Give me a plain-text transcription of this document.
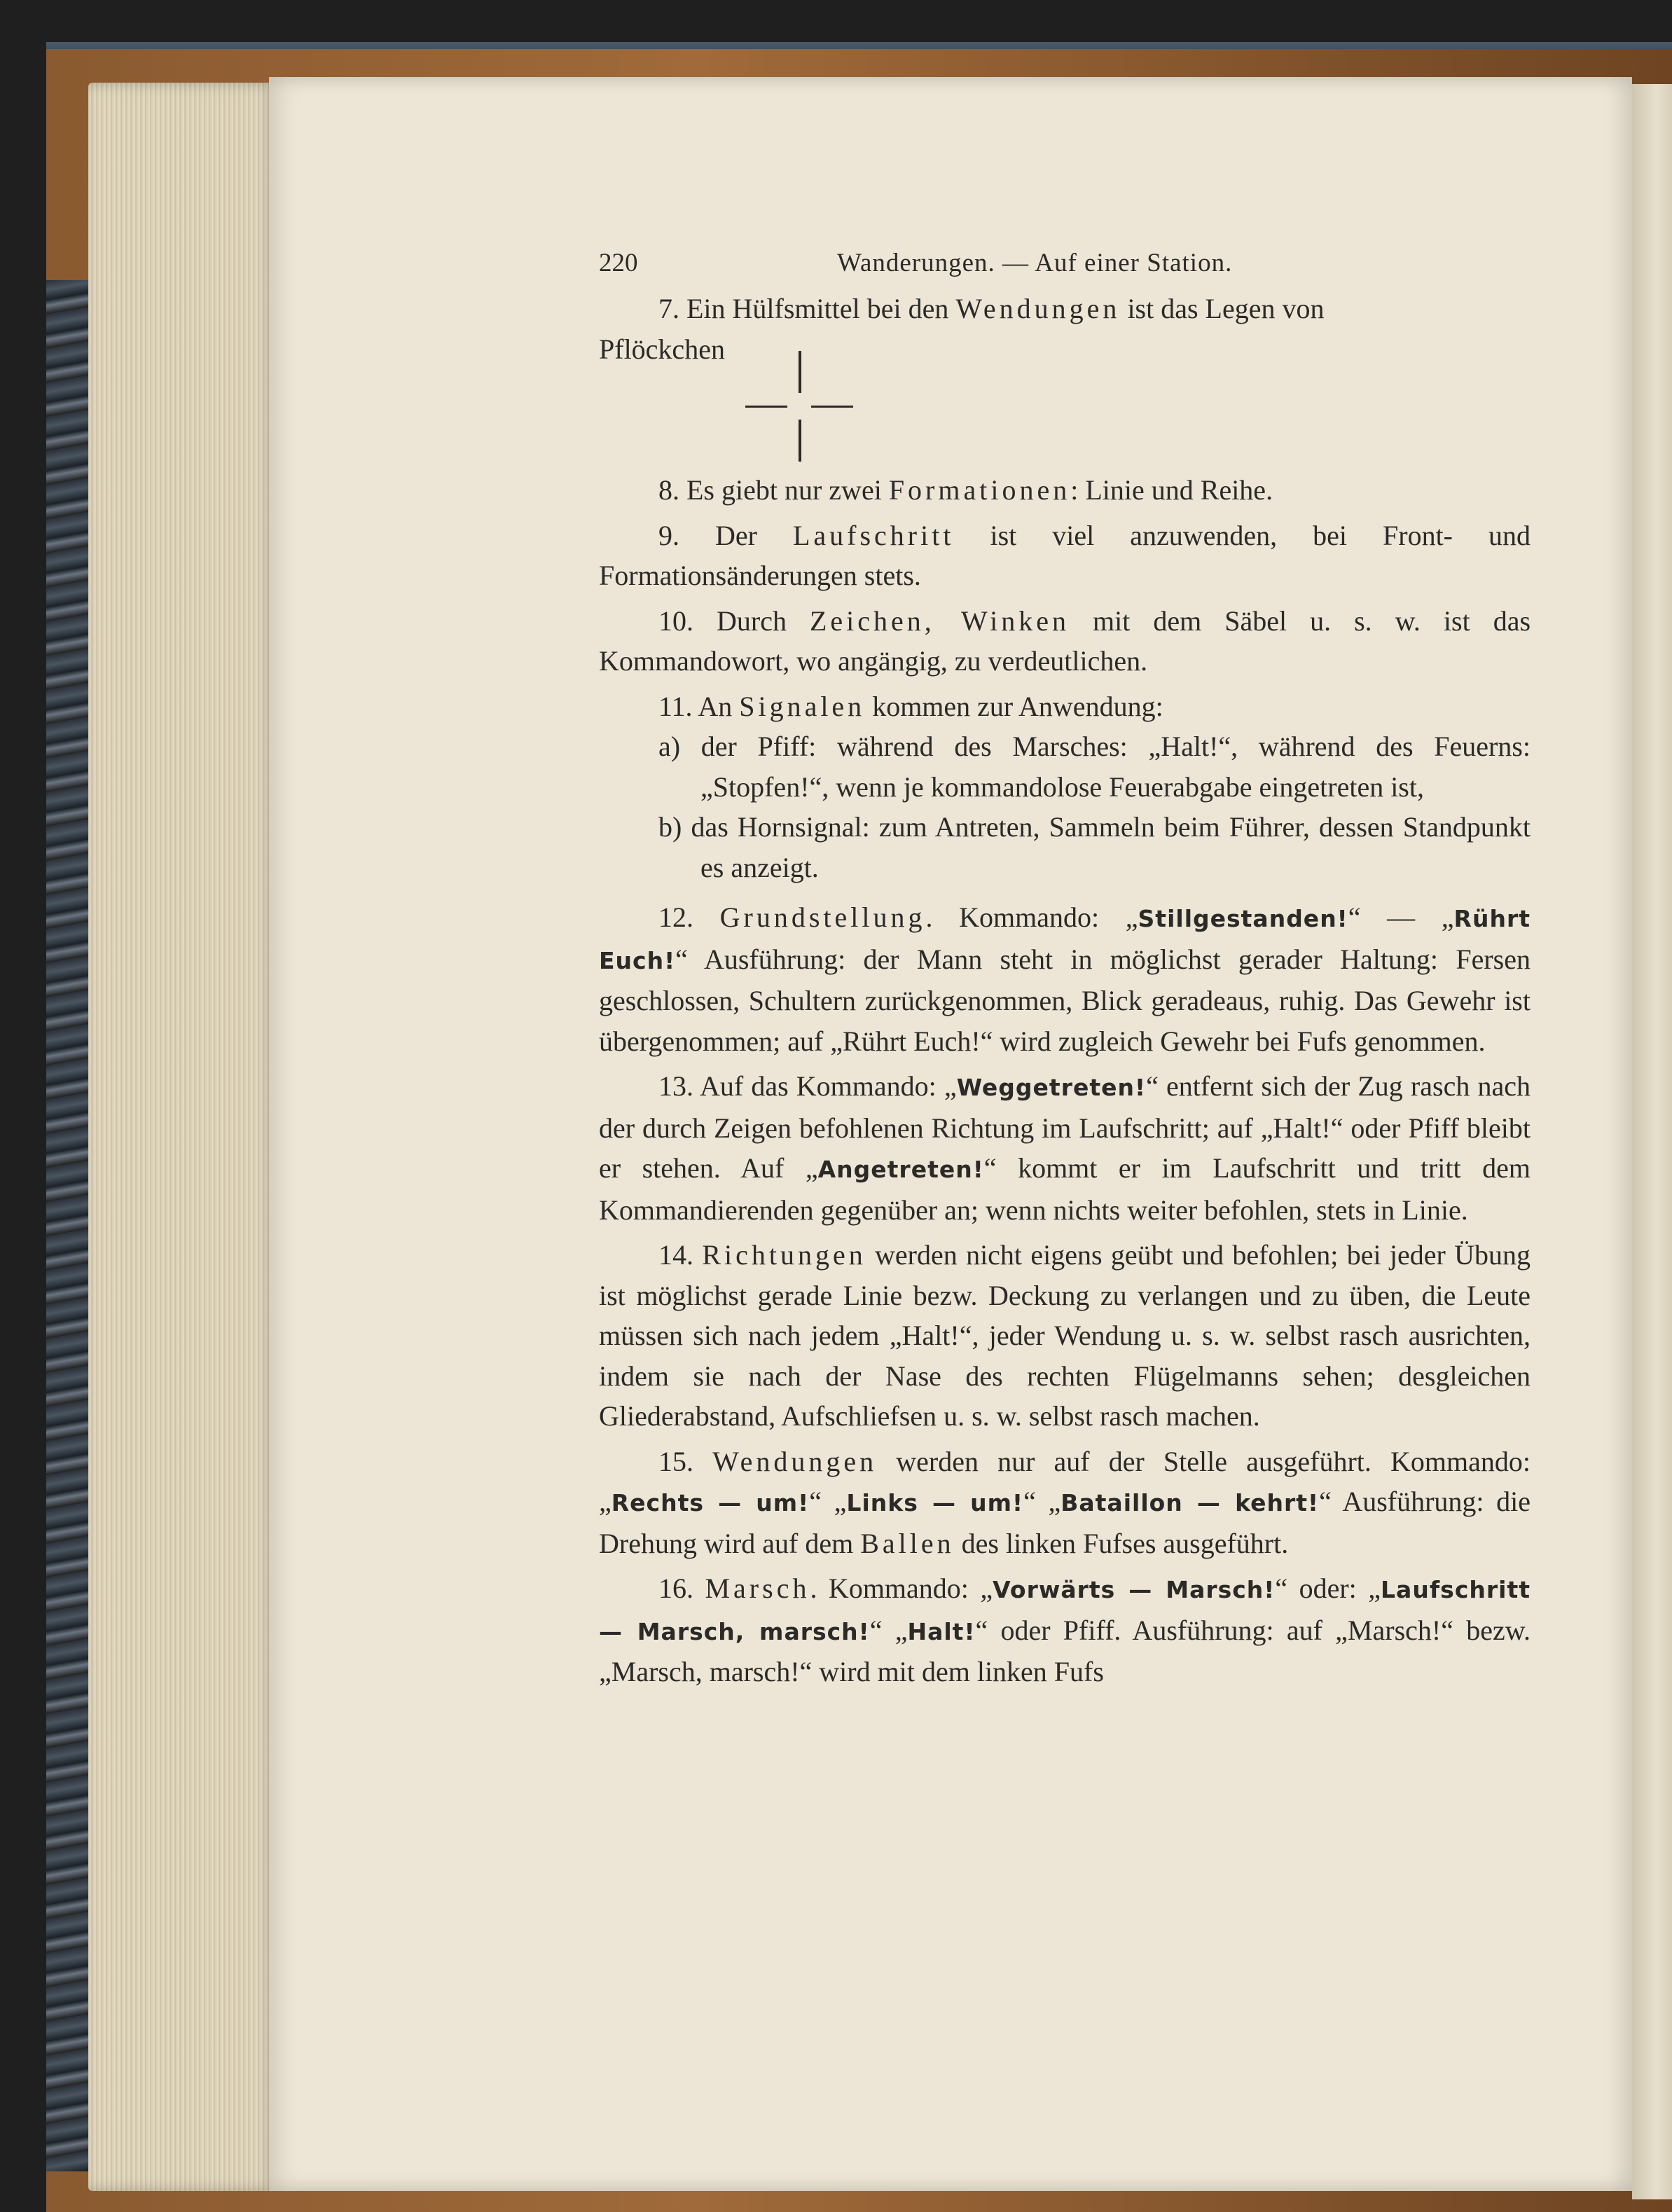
220	Wanderungen. — Auf einer Station.

7. Ein Hülfsmittel bei den Wendungen ist das Legen von

Pflöckchen

8. Es giebt nur zwei Formationen: Linie und Reihe.

9. Der Laufschritt ist viel anzuwenden, bei Front- und Formationsänderungen stets.

10. Durch Zeichen, Winken mit dem Säbel u. s. w. ist das Kommandowort, wo angängig, zu verdeutlichen.

11. An Signalen kommen zur Anwendung:

a) der Pfiff: während des Marsches: „Halt!“, während des Feuerns: „Stopfen!“, wenn je kommandolose Feuerabgabe eingetreten ist,

b) das Hornsignal: zum Antreten, Sammeln beim Führer, dessen Standpunkt es anzeigt.

12. Grundstellung. Kommando: „Stillgestanden!“ — „Rührt Euch!“ Ausführung: der Mann steht in möglichst gerader Haltung: Fersen geschlossen, Schultern zurückgenommen, Blick geradeaus, ruhig. Das Gewehr ist übergenommen; auf „Rührt Euch!“ wird zugleich Gewehr bei Fufs genommen.

13. Auf das Kommando: „Weggetreten!“ entfernt sich der Zug rasch nach der durch Zeigen befohlenen Richtung im Laufschritt; auf „Halt!“ oder Pfiff bleibt er stehen. Auf „Angetreten!“ kommt er im Laufschritt und tritt dem Kommandierenden gegenüber an; wenn nichts weiter befohlen, stets in Linie.

14. Richtungen werden nicht eigens geübt und befohlen; bei jeder Übung ist möglichst gerade Linie bezw. Deckung zu verlangen und zu üben, die Leute müssen sich nach jedem „Halt!“, jeder Wendung u. s. w. selbst rasch ausrichten, indem sie nach der Nase des rechten Flügelmanns sehen; desgleichen Gliederabstand, Aufschliefsen u. s. w. selbst rasch machen.

15. Wendungen werden nur auf der Stelle ausgeführt. Kommando: „Rechts — um!“ „Links — um!“ „Bataillon — kehrt!“ Ausführung: die Drehung wird auf dem Ballen des linken Fufses ausgeführt.

16. Marsch. Kommando: „Vorwärts — Marsch!“ oder: „Laufschritt — Marsch, marsch!“ „Halt!“ oder Pfiff. Ausführung: auf „Marsch!“ bezw. „Marsch, marsch!“ wird mit dem linken Fufs
